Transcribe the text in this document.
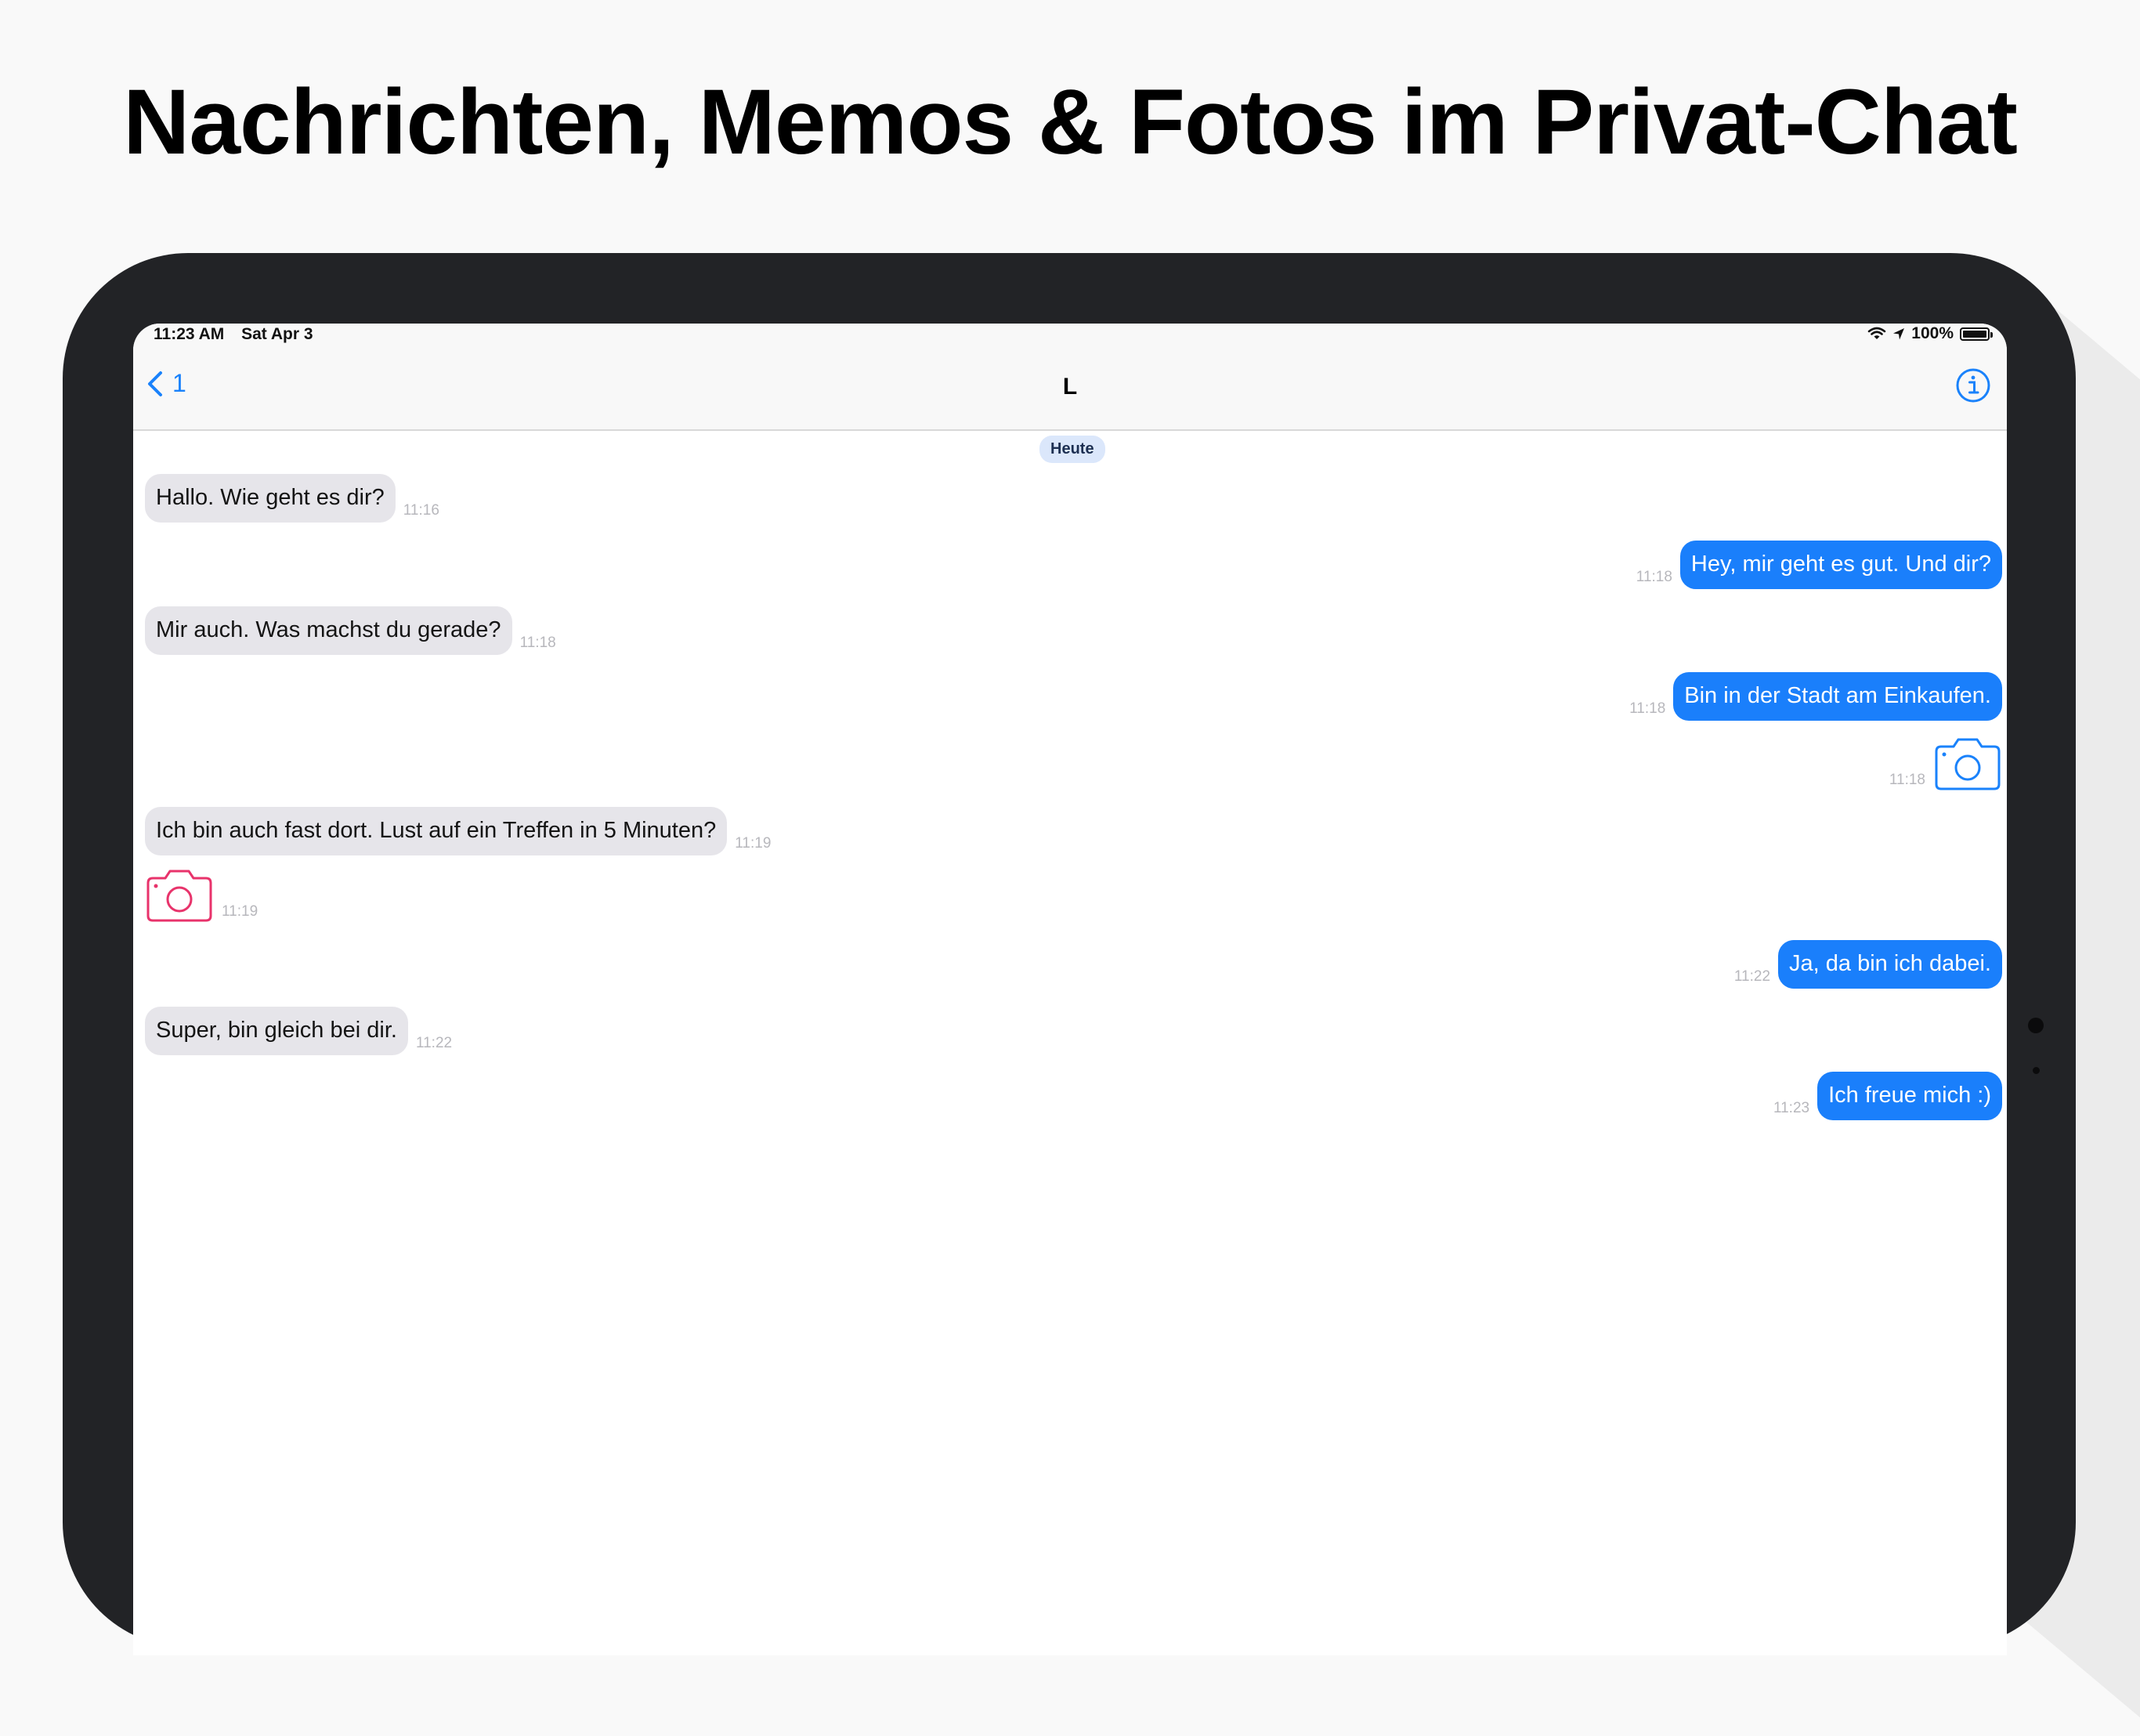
Nachrichten, Memos & Fotos im Privat-Chat
11:23 AM Sat Apr 3	100%
1	L
Heute
Hallo. Wie geht es dir?
11:16
Hey, mir geht es gut. Und dir?
11:18
Mir auch. Was machst du gerade?
11:18
Bin in der Stadt am Einkaufen.
11:18
11:18
Ich bin auch fast dort. Lust auf ein Treffen in 5 Minuten?
11:19
11:19
Ja, da bin ich dabei.
11:22
Super, bin gleich bei dir.
11:22
Ich freue mich :)
11:23
